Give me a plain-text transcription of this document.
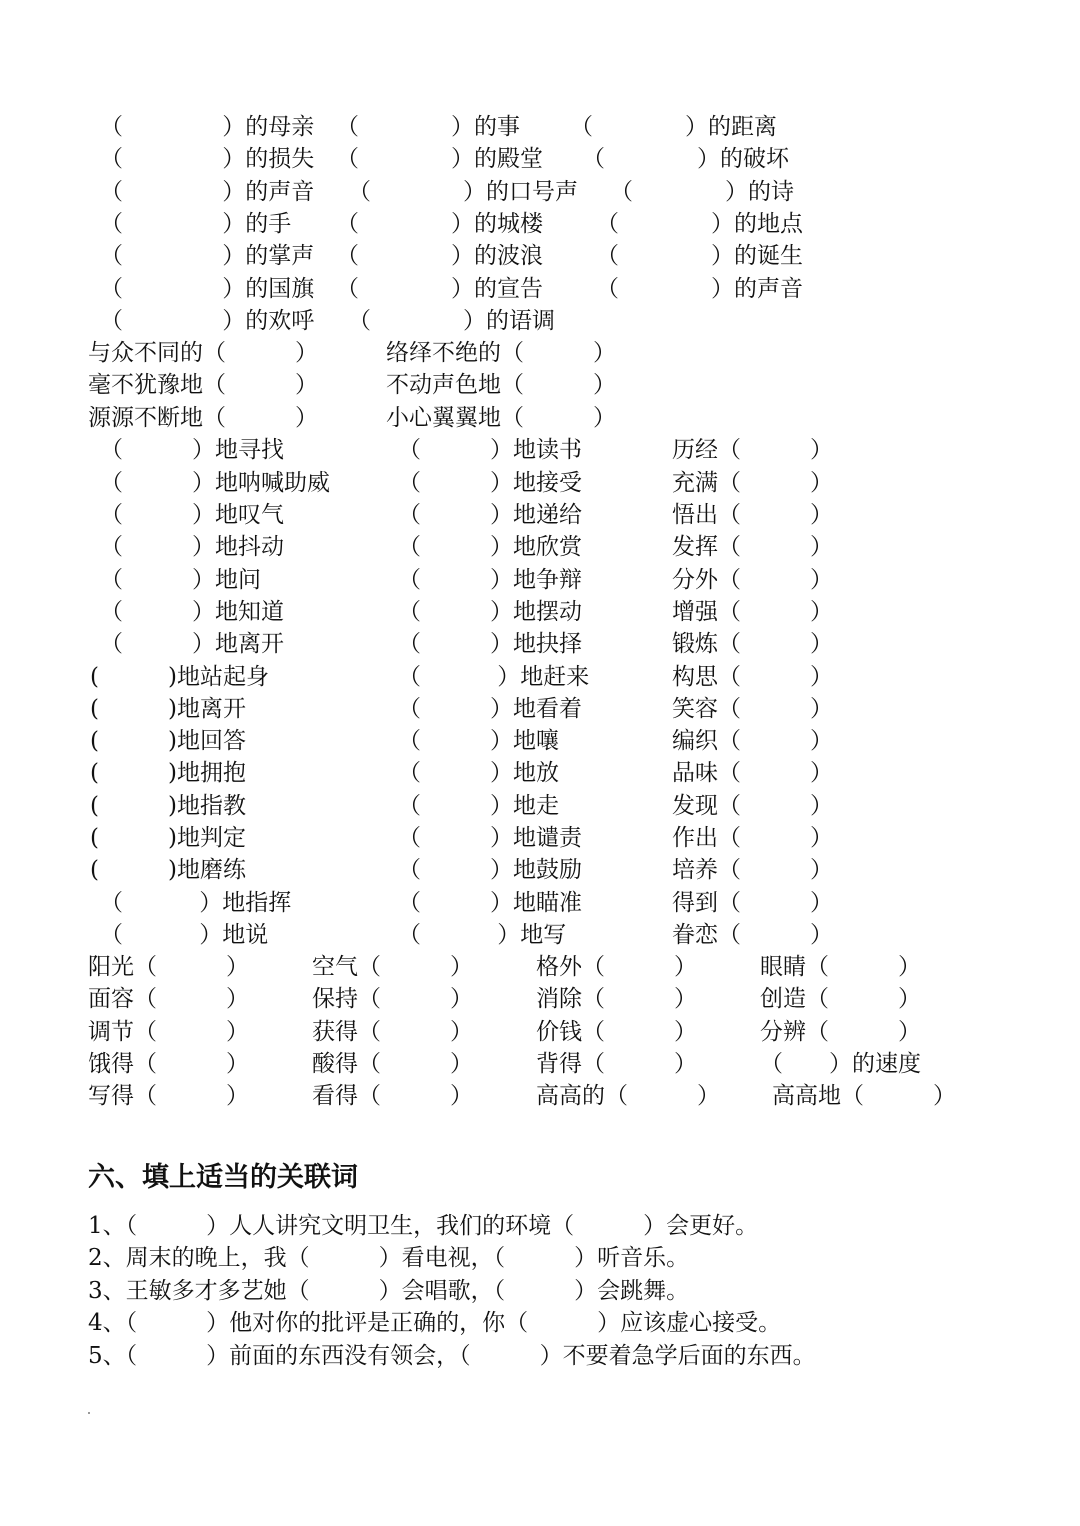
（ 　　　　）的母亲 （　　　　）的事 （　　　　）的距离
（ 　　　　）的损失 （　　　　）的殿堂 （　　　　）的破坏
（ 　　　　）的声音 （　　　　）的口号声 （　　　　）的诗
（ 　　　　）的手 （　　　　）的城楼 （　　　　）的地点
（ 　　　　）的掌声 （　　　　）的波浪 （　　　　）的诞生
（ 　　　　）的国旗 （　　　　）的宣告 （　　　　）的声音
（ 　　　　）的欢呼 （　　　　）的语调
与众不同的（　　　）	络绎不绝的（　　　）
毫不犹豫地（　　　）	不动声色地（　　　）
源源不断地（　　　）	小心翼翼地（　　　）
（　　　）地寻找	（　　　）地读书	历经（　　　）
（　　　）地呐喊助威	（　　　）地接受	充满（　　　）
（　　　）地叹气	（　　　）地递给	悟出（　　　）
（　　　）地抖动	（　　　）地欣赏	发挥（　　　）
（　　　）地问	（　　　）地争辩	分外（　　　）
（　　　）地知道	（　　　）地摆动	增强（　　　）
（　　　）地离开	（　　　）地抉择	锻炼（　　　）
(　　　)地站起身	（　　　 ）地赶来	构思（　　　）
(　　　)地离开	（　　　）地看着	笑容（　　　）
(　　　)地回答	（　　　）地嚷	编织（　　　）
(　　　)地拥抱	（　　　）地放	品味（　　　）
(　　　)地指教	（　　　）地走	发现（　　　）
(　　　)地判定	（　　　）地谴责	作出（　　　）
(　　　)地磨练	（　　　）地鼓励	培养（　　　）
（　　　 ）地指挥	（　　　）地瞄准	得到（　　　）
（　　　 ）地说	（　　　 ）地写	眷恋（　　　）
阳光（　　　）	空气（　　　）	格外（　　　）	眼睛（　　　）
面容（　　　）	保持（　　　）	消除（　　　）	创造（　　　）
调节（　　　）	获得（　　　）	价钱（　　　）	分辨（　　　）
饿得（　　　）	酸得（　　　）	背得（　　　）	（　　）的速度
写得（　　　）	看得（　　　）	高高的（　　　） 高高地（　　　）
六、填上适当的关联词
1、（　　　）人人讲究文明卫生，我们的环境（　　　）会更好。
2、周末的晚上，我（　　　）看电视，（　　　）听音乐。
3、王敏多才多艺她（　　　）会唱歌，（　　　）会跳舞。
4、（　　　）他对你的批评是正确的，你（　　　）应该虚心接受。
5、（　　　）前面的东西没有领会，（　　　）不要着急学后面的东西。
